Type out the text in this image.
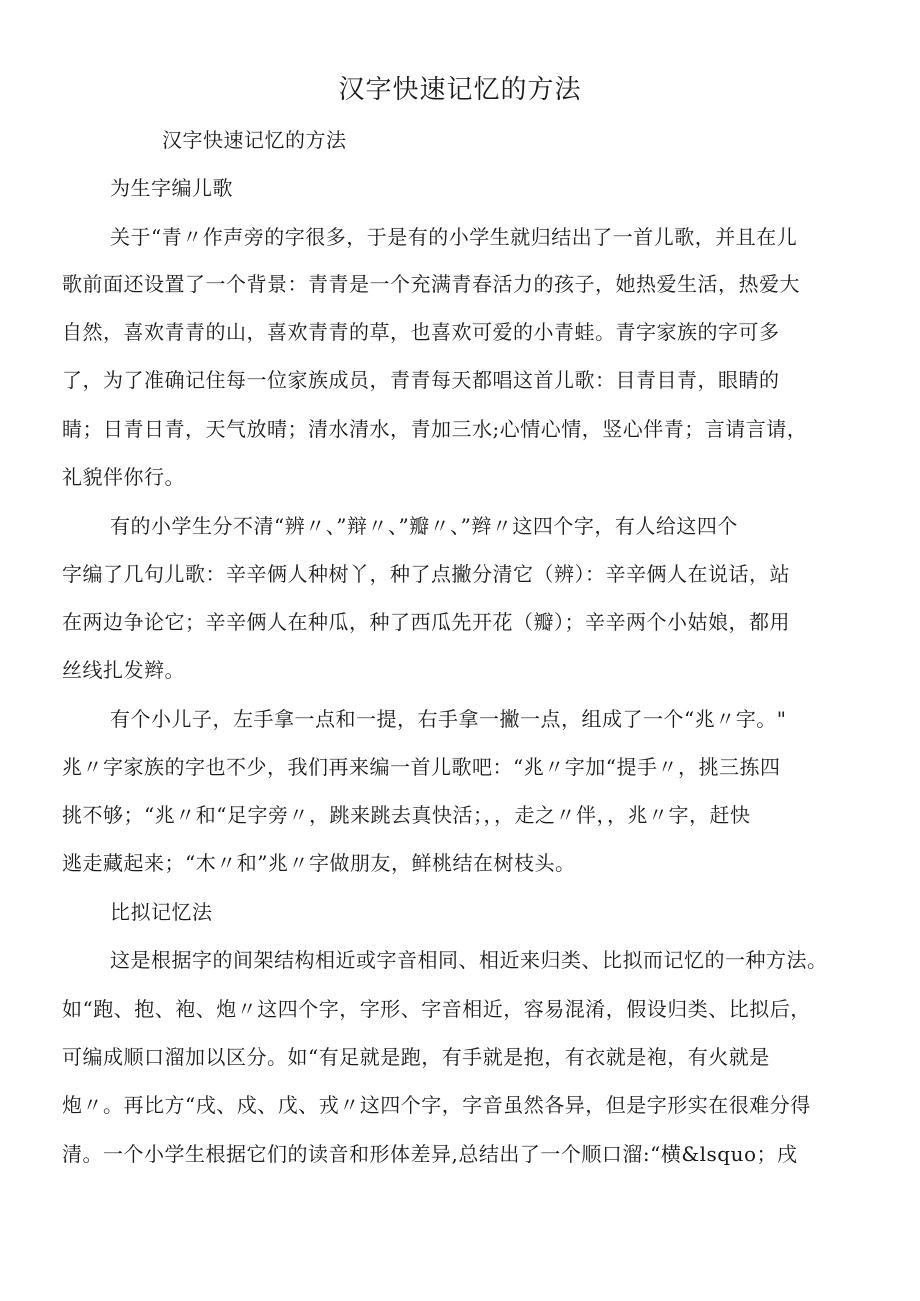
汉字快速记忆的方法
汉字快速记忆的方法
为生字编儿歌
关于“青〃作声旁的字很多，于是有的小学生就归结出了一首儿歌，并且在儿
歌前面还设置了一个背景：青青是一个充满青春活力的孩子，她热爱生活，热爱大
自然，喜欢青青的山，喜欢青青的草，也喜欢可爱的小青蛙。青字家族的字可多
了，为了准确记住每一位家族成员，青青每天都唱这首儿歌：目青目青，眼睛的
睛；日青日青，天气放晴；清水清水，青加三水;心情心情，竖心伴青；言请言请，
礼貌伴你行。
有的小学生分不清“辨〃、”辩〃、”瓣〃、”辫〃这四个字，有人给这四个
字编了几句儿歌：辛辛俩人种树丫，种了点撇分清它（辨）：辛辛俩人在说话，站
在两边争论它；辛辛俩人在种瓜，种了西瓜先开花（瓣）；辛辛两个小姑娘，都用
丝线扎发辫。
有个小儿子，左手拿一点和一提，右手拿一撇一点，组成了一个“兆〃字。"
兆〃字家族的字也不少，我们再来编一首儿歌吧：“兆〃字加“提手〃，挑三拣四
挑不够；“兆〃和“足字旁〃，跳来跳去真快活；，，走之〃伴，，兆〃字，赶快
逃走藏起来；“木〃和”兆〃字做朋友，鲜桃结在树枝头。
比拟记忆法
这是根据字的间架结构相近或字音相同、相近来归类、比拟而记忆的一种方法。
如“跑、抱、袍、炮〃这四个字，字形、字音相近，容易混淆，假设归类、比拟后，
可编成顺口溜加以区分。如“有足就是跑，有手就是抱，有衣就是袍，有火就是
炮〃。再比方“戌、戍、戊、戎〃这四个字，字音虽然各异，但是字形实在很难分得
清。一个小学生根据它们的读音和形体差异,总结出了一个顺口溜:“横&lsquo；戌
